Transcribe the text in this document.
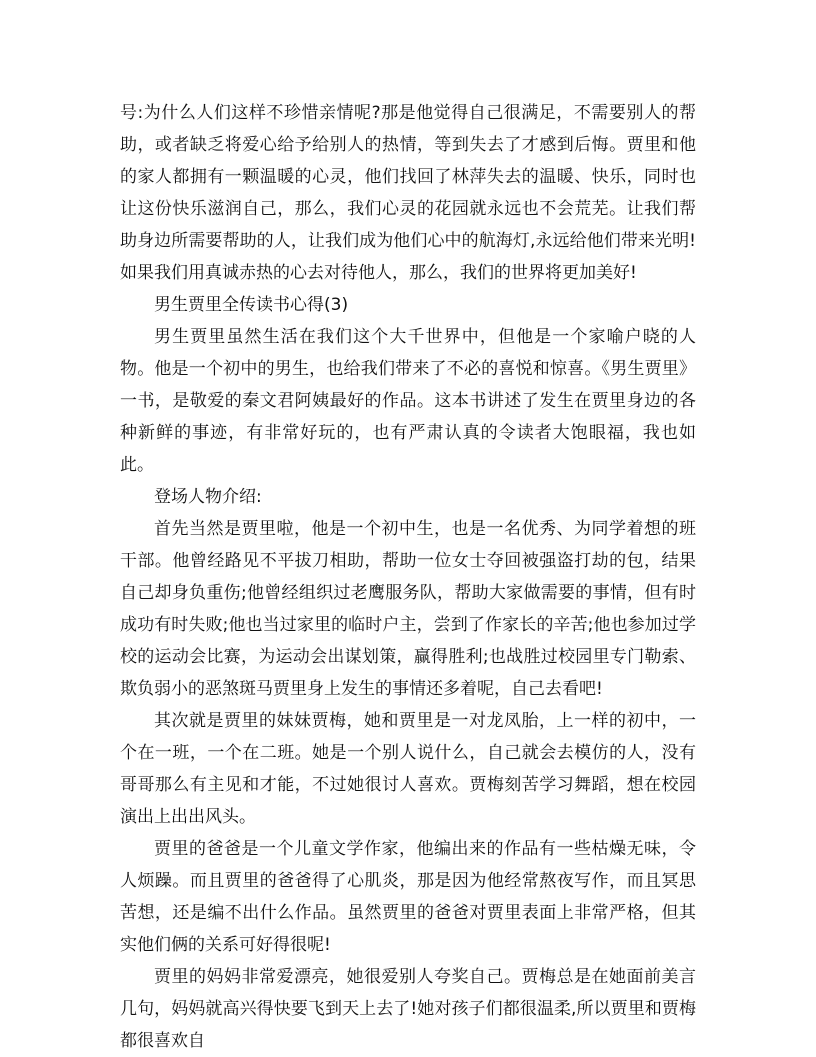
号:为什么人们这样不珍惜亲情呢?那是他觉得自己很满足，不需要别人的帮助，或者缺乏将爱心给予给别人的热情，等到失去了才感到后悔。贾里和他的家人都拥有一颗温暖的心灵，他们找回了林萍失去的温暖、快乐，同时也让这份快乐滋润自己，那么，我们心灵的花园就永远也不会荒芜。让我们帮助身边所需要帮助的人，让我们成为他们心中的航海灯,永远给他们带来光明!如果我们用真诚赤热的心去对待他人，那么，我们的世界将更加美好!

男生贾里全传读书心得(3)

男生贾里虽然生活在我们这个大千世界中，但他是一个家喻户晓的人物。他是一个初中的男生，也给我们带来了不必的喜悦和惊喜。《男生贾里》一书，是敬爱的秦文君阿姨最好的作品。这本书讲述了发生在贾里身边的各种新鲜的事迹，有非常好玩的，也有严肃认真的令读者大饱眼福，我也如此。

登场人物介绍:

首先当然是贾里啦，他是一个初中生，也是一名优秀、为同学着想的班干部。他曾经路见不平拔刀相助，帮助一位女士夺回被强盗打劫的包，结果自己却身负重伤;他曾经组织过老鹰服务队，帮助大家做需要的事情，但有时成功有时失败;他也当过家里的临时户主，尝到了作家长的辛苦;他也参加过学校的运动会比赛，为运动会出谋划策，赢得胜利;也战胜过校园里专门勒索、欺负弱小的恶煞斑马贾里身上发生的事情还多着呢，自己去看吧!

其次就是贾里的妹妹贾梅，她和贾里是一对龙凤胎，上一样的初中，一个在一班，一个在二班。她是一个别人说什么，自己就会去模仿的人，没有哥哥那么有主见和才能，不过她很讨人喜欢。贾梅刻苦学习舞蹈，想在校园演出上出出风头。

贾里的爸爸是一个儿童文学作家，他编出来的作品有一些枯燥无味，令人烦躁。而且贾里的爸爸得了心肌炎，那是因为他经常熬夜写作，而且冥思苦想，还是编不出什么作品。虽然贾里的爸爸对贾里表面上非常严格，但其实他们俩的关系可好得很呢!

贾里的妈妈非常爱漂亮，她很爱别人夸奖自己。贾梅总是在她面前美言几句，妈妈就高兴得快要飞到天上去了!她对孩子们都很温柔,所以贾里和贾梅都很喜欢自
